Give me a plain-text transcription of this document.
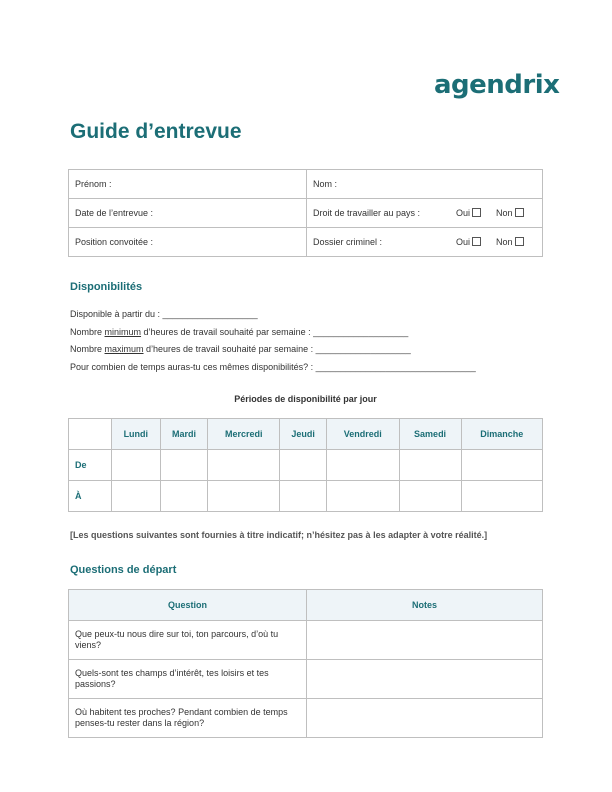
agendrix
Guide d’entrevue
Prénom :	Nom :
Date de l’entrevue :	Droit de travailler au pays : Oui Non

Position convoitée :	Dossier criminel : Oui Non
Disponibilités
Disponible à partir du : ___________________
Nombre minimum d’heures de travail souhaité par semaine : ___________________
Nombre maximum d’heures de travail souhaité par semaine : ___________________
Pour combien de temps auras-tu ces mêmes disponibilités? : ________________________________
Périodes de disponibilité par jour
	Lundi	Mardi	Mercredi	Jeudi	Vendredi	Samedi	Dimanche
De							
À							
[Les questions suivantes sont fournies à titre indicatif; n’hésitez pas à les adapter à votre réalité.]
Questions de départ
Question	Notes
Que peux-tu nous dire sur toi, ton parcours, d’où tu viens?	
Quels-sont tes champs d’intérêt, tes loisirs et tes passions?	
Où habitent tes proches? Pendant combien de temps penses-tu rester dans la région?	
